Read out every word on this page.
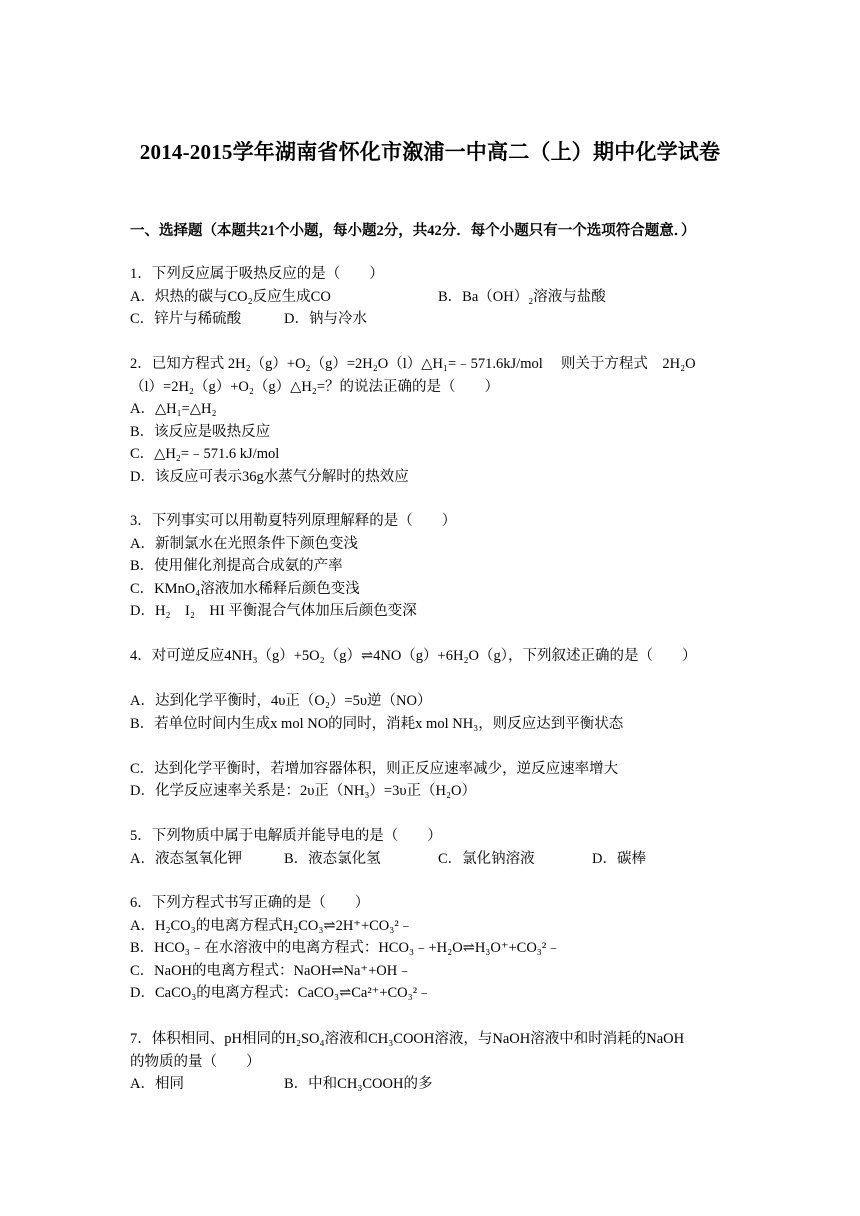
2014-2015学年湖南省怀化市溆浦一中高二（上）期中化学试卷
一、选择题（本题共21个小题，每小题2分，共42分．每个小题只有一个选项符合题意．）
1．下列反应属于吸热反应的是（　　）
A．炽热的碳与CO₂反应生成CO	B．Ba（OH）₂溶液与盐酸
C．锌片与稀硫酸	D．钠与冷水
2．已知方程式 2H₂（g）+O₂（g）=2H₂O（l）△H₁=﹣571.6kJ/mol　 则关于方程式　2H₂O
（l）=2H₂（g）+O₂（g）△H₂=？的说法正确的是（　　）
A．△H₁=△H₂
B．该反应是吸热反应
C．△H₂=﹣571.6 kJ/mol
D．该反应可表示36g水蒸气分解时的热效应
3．下列事实可以用勒夏特列原理解释的是（　　）
A．新制氯水在光照条件下颜色变浅
B．使用催化剂提高合成氨的产率
C．KMnO₄溶液加水稀释后颜色变浅
D．H₂　I₂　HI 平衡混合气体加压后颜色变深
4．对可逆反应4NH₃（g）+5O₂（g）⇌4NO（g）+6H₂O（g），下列叙述正确的是（　　）
A．达到化学平衡时，4υ正（O₂）=5υ逆（NO）
B．若单位时间内生成x mol NO的同时，消耗x mol NH₃，则反应达到平衡状态
C．达到化学平衡时，若增加容器体积，则正反应速率减少，逆反应速率增大
D．化学反应速率关系是：2υ正（NH₃）=3υ正（H₂O）
5．下列物质中属于电解质并能导电的是（　　）
A．液态氢氧化钾	B．液态氯化氢	C．氯化钠溶液	D．碳棒
6．下列方程式书写正确的是（　　）
A．H₂CO₃的电离方程式H₂CO₃⇌2H⁺+CO₃²﹣
B．HCO₃﹣在水溶液中的电离方程式：HCO₃﹣+H₂O⇌H₃O⁺+CO₃²﹣
C．NaOH的电离方程式：NaOH⇌Na⁺+OH﹣
D．CaCO₃的电离方程式：CaCO₃⇌Ca²⁺+CO₃²﹣
7．体积相同、pH相同的H₂SO₄溶液和CH₃COOH溶液，与NaOH溶液中和时消耗的NaOH
的物质的量（　　）
A．相同	B．中和CH₃COOH的多
